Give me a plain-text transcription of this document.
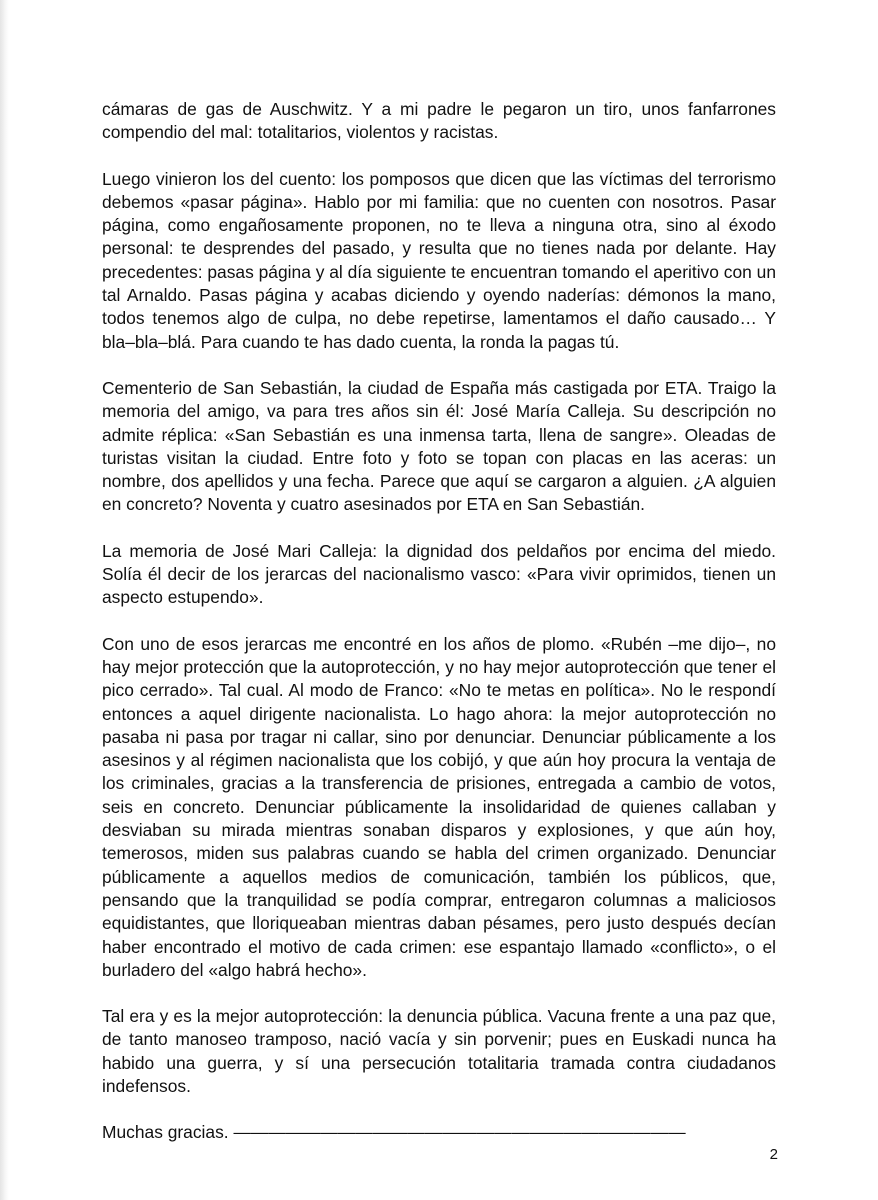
cámaras de gas de Auschwitz. Y a mi padre le pegaron un tiro, unos fanfarrones compendio del mal: totalitarios, violentos y racistas.

Luego vinieron los del cuento: los pomposos que dicen que las víctimas del terrorismo debemos «pasar página». Hablo por mi familia: que no cuenten con nosotros. Pasar página, como engañosamente proponen, no te lleva a ninguna otra, sino al éxodo personal: te desprendes del pasado, y resulta que no tienes nada por delante. Hay precedentes: pasas página y al día siguiente te encuentran tomando el aperitivo con un tal Arnaldo. Pasas página y acabas diciendo y oyendo naderías: démonos la mano, todos tenemos algo de culpa, no debe repetirse, lamentamos el daño causado… Y bla–bla–blá. Para cuando te has dado cuenta, la ronda la pagas tú.

Cementerio de San Sebastián, la ciudad de España más castigada por ETA. Traigo la memoria del amigo, va para tres años sin él: José María Calleja. Su descripción no admite réplica: «San Sebastián es una inmensa tarta, llena de sangre». Oleadas de turistas visitan la ciudad. Entre foto y foto se topan con placas en las aceras: un nombre, dos apellidos y una fecha. Parece que aquí se cargaron a alguien. ¿A alguien en concreto? Noventa y cuatro asesinados por ETA en San Sebastián.

La memoria de José Mari Calleja: la dignidad dos peldaños por encima del miedo. Solía él decir de los jerarcas del nacionalismo vasco: «Para vivir oprimidos, tienen un aspecto estupendo».

Con uno de esos jerarcas me encontré en los años de plomo. «Rubén –me dijo–, no hay mejor protección que la autoprotección, y no hay mejor autoprotección que tener el pico cerrado». Tal cual. Al modo de Franco: «No te metas en política». No le respondí entonces a aquel dirigente nacionalista. Lo hago ahora: la mejor autoprotección no pasaba ni pasa por tragar ni callar, sino por denunciar. Denunciar públicamente a los asesinos y al régimen nacionalista que los cobijó, y que aún hoy procura la ventaja de los criminales, gracias a la transferencia de prisiones, entregada a cambio de votos, seis en concreto. Denunciar públicamente la insolidaridad de quienes callaban y desviaban su mirada mientras sonaban disparos y explosiones, y que aún hoy, temerosos, miden sus palabras cuando se habla del crimen organizado. Denunciar públicamente a aquellos medios de comunicación, también los públicos, que, pensando que la tranquilidad se podía comprar, entregaron columnas a maliciosos equidistantes, que lloriqueaban mientras daban pésames, pero justo después decían haber encontrado el motivo de cada crimen: ese espantajo llamado «conflicto», o el burladero del «algo habrá hecho».

Tal era y es la mejor autoprotección: la denuncia pública. Vacuna frente a una paz que, de tanto manoseo tramposo, nació vacía y sin porvenir; pues en Euskadi nunca ha habido una guerra, y sí una persecución totalitaria tramada contra ciudadanos indefensos.

Muchas gracias. ——————————————————————————

2
